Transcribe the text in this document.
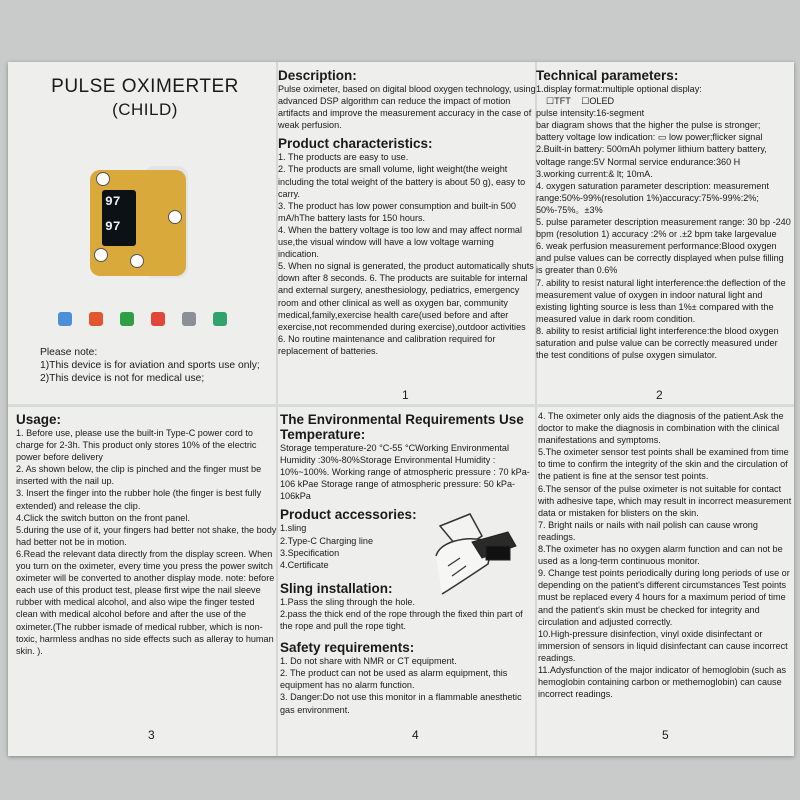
PULSE OXIMERTER
(CHILD)
97
97

Please note:

1)This device is for aviation and sports use only;

2)This device is not for medical use;

Description:

Pulse oximeter, based on digital blood oxygen technology, using advanced DSP algorithm can reduce the impact of motion artifacts and improve the measurement accuracy in the case of weak perfusion.

Product characteristics:

1. The products are easy to use.

2. The products are small volume, light weight(the weight including the total weight of the battery is about 50 g), easy to carry.

3. The product has low power consumption and built-in 500 mA/hThe battery lasts for 150 hours.

4. When the battery voltage is too low and may affect normal use,the visual window will have a low voltage warning indication.

5. When no signal is generated, the product automatically shuts down after 8 seconds. 6. The products are suitable for internal and external surgery, anesthesiology, pediatrics, emergency room and other clinical as well as oxygen bar, community medical,family,exercise health care(used before and after exercise,not recommended during exercise),outdoor activities

6. No routine maintenance and calibration required for replacement of batteries.

1
Technical parameters:

1.display format:multiple optional display:

☐TFT ☐OLED

pulse intensity:16-segment

bar diagram shows that the higher the pulse is stronger;

battery voltage low indication: ▭ low power;flicker signal

2.Built-in battery: 500mAh polymer lithium battery battery, voltage range:5V Normal service endurance:360 H

3.working current:& lt; 10mA.

4. oxygen saturation parameter description: measurement range:50%-99%(resolution 1%)accuracy:75%-99%:2%; 50%-75%。±3%

5. pulse parameter description measurement range: 30 bp -240 bpm (resolution 1) accuracy :2% or .±2 bpm take largevalue

6. weak perfusion measurement performance:Blood oxygen and pulse values can be correctly displayed when pulse filling is greater than 0.6%

7. ability to resist natural light interference:the deflection of the measurement value of oxygen in indoor natural light and existing lighting source is less than 1%± compared with the measured value in dark room condition.

8. ability to resist artificial light interference:the blood oxygen saturation and pulse value can be correctly measured under the test conditions of pulse oxygen simulator.

2
Usage:

1. Before use, please use the built-in Type-C power cord to charge for 2-3h. This product only stores 10% of the electric power before delivery

2. As shown below, the clip is pinched and the finger must be inserted with the nail up.

3. Insert the finger into the rubber hole (the finger is best fully extended) and release the clip.

4.Click the switch button on the front panel.

5.during the use of it, your fingers had better not shake, the body had better not be in motion.

6.Read the relevant data directly from the display screen. When you turn on the oximeter, every time you press the power switch oximeter will be converted to another display mode. note: before each use of this product test, please first wipe the nail sleeve rubber with medical alcohol, and also wipe the finger tested clean with medical alcohol before and after the use of the oximeter.(The rubber ismade of medical rubber, which is non-toxic, harmless andhas no side effects such as alleray to human skin. ).

3
The Environmental Requirements Use Temperature:

Storage temperature-20 °C-55 °CWorking Environmental Humidity :30%-80%Storage Environmental Humidity : 10%~100%. Working range of atmospheric pressure : 70 kPa-106 kPae Storage range of atmospheric pressure: 50 kPa-106kPa

Product accessories:

1.sling

2.Type-C Charging line

3.Specification

4.Certificate

Sling installation:

1.Pass the sling through the hole.

2.pass the thick end of the rope through the fixed thin part of the rope and pull the rope tight.

Safety requirements:

1. Do not share with NMR or CT equipment.

2. The product can not be used as alarm equipment, this equipment has no alarm function.

3. Danger:Do not use this monitor in a flammable anesthetic gas environment.

4

4. The oximeter only aids the diagnosis of the patient.Ask the doctor to make the diagnosis in combination with the clinical manifestations and symptoms.

5.The oximeter sensor test points shall be examined from time to time to confirm the integrity of the skin and the circulation of the patient is fine at the sensor test points.

6.The sensor of the pulse oximeter is not suitable for contact with adhesive tape, which may result in incorrect measurement data or mistaken for blisters on the skin.

7. Bright nails or nails with nail polish can cause wrong readings.

8.The oximeter has no oxygen alarm function and can not be used as a long-term continuous monitor.

9. Change test points periodically during long periods of use or depending on the patient's different circumstances Test points must be replaced every 4 hours for a maximum period of time and the patient's skin must be checked for integrity and circulation and adjusted correctly.

10.High-pressure disinfection, vinyl oxide disinfectant or immersion of sensors in liquid disinfectant can cause incorrect readings.

11.Adysfunction of the major indicator of hemoglobin (such as hemoglobin containing carbon or methemoglobin) can cause incorrect readings.

5
